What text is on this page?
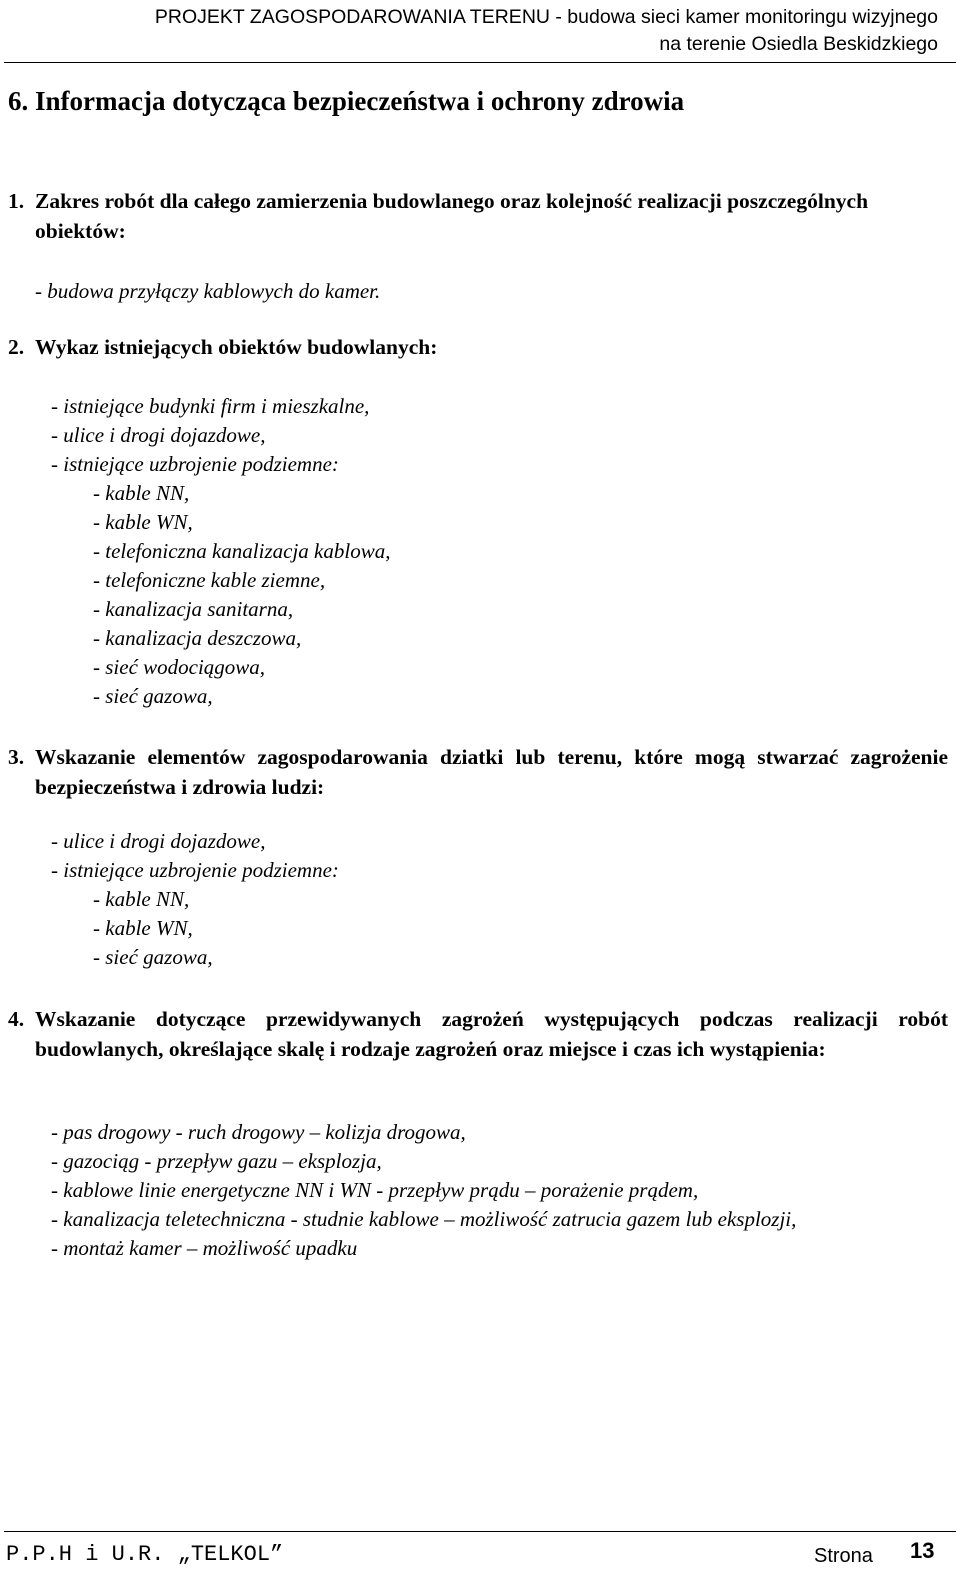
PROJEKT ZAGOSPODAROWANIA TERENU - budowa sieci kamer monitoringu wizyjnego
na terenie Osiedla Beskidzkiego
6. Informacja dotycząca bezpieczeństwa i ochrony zdrowia
1. Zakres robót dla całego zamierzenia budowlanego oraz kolejność realizacji poszczególnych obiektów:
- budowa przyłączy kablowych do kamer.
2. Wykaz istniejących obiektów budowlanych:
- istniejące budynki firm i mieszkalne,
- ulice i drogi dojazdowe,
- istniejące uzbrojenie podziemne:
- kable NN,
- kable WN,
- telefoniczna kanalizacja kablowa,
- telefoniczne kable ziemne,
- kanalizacja sanitarna,
- kanalizacja deszczowa,
- sieć wodociągowa,
- sieć gazowa,
3. Wskazanie elementów zagospodarowania dziatki lub terenu, które mogą stwarzać zagrożenie bezpieczeństwa i zdrowia ludzi:
- ulice i drogi dojazdowe,
- istniejące uzbrojenie podziemne:
- kable NN,
- kable WN,
- sieć gazowa,
4. Wskazanie dotyczące przewidywanych zagrożeń występujących podczas realizacji robót budowlanych, określające skalę i rodzaje zagrożeń oraz miejsce i czas ich wystąpienia:
- pas drogowy - ruch drogowy – kolizja drogowa,
- gazociąg - przepływ gazu – eksplozja,
- kablowe linie energetyczne NN i WN - przepływ prądu – porażenie prądem,
- kanalizacja teletechniczna - studnie kablowe – możliwość zatrucia gazem lub eksplozji,
- montaż kamer – możliwość upadku
P.P.H i U.R. „TELKOL”	Strona 13
